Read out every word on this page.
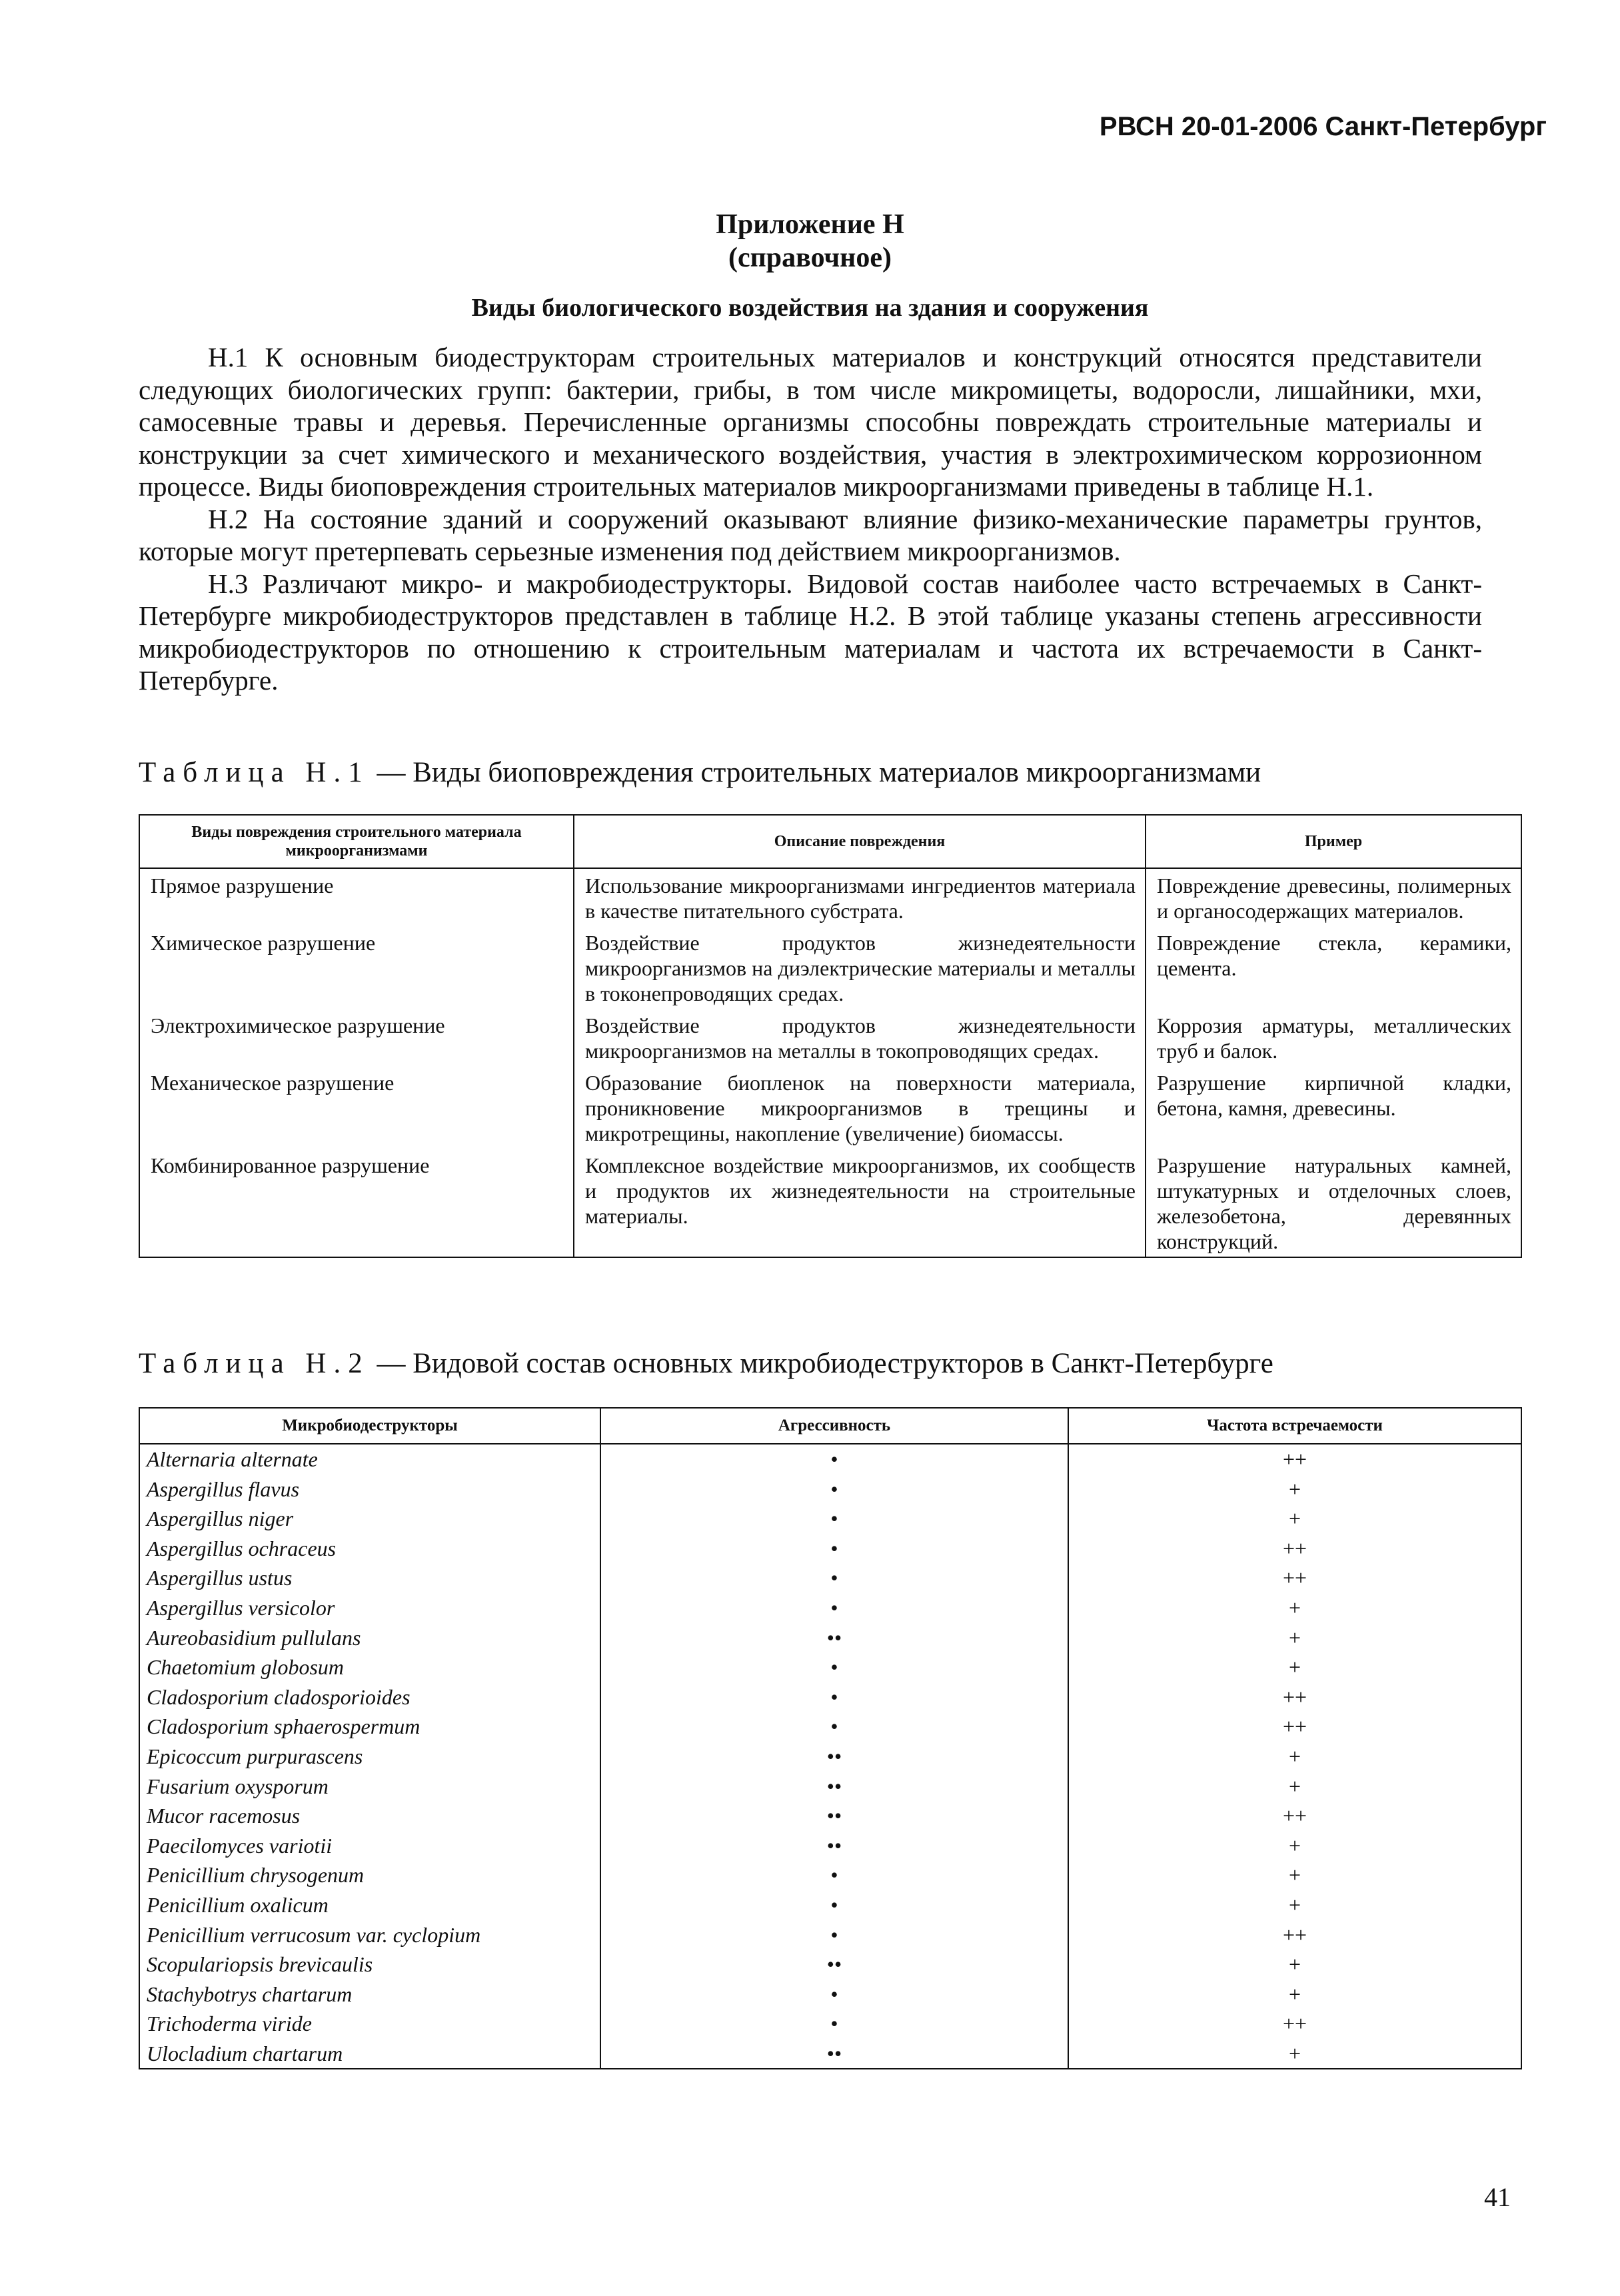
РВСН 20-01-2006 Санкт-Петербург
Приложение Н
(справочное)
Виды биологического воздействия на здания и сооружения

Н.1 К основным биодеструкторам строительных материалов и конструкций относятся представители следующих биологических групп: бактерии, грибы, в том числе микромицеты, водоросли, лишайники, мхи, самосевные травы и деревья. Перечисленные организмы способны повреждать строительные материалы и конструкции за счет химического и механического воздействия, участия в электрохимическом коррозионном процессе. Виды биоповреждения строительных материалов микроорганизмами приведены в таблице Н.1.

Н.2 На состояние зданий и сооружений оказывают влияние физико-механические параметры грунтов, которые могут претерпевать серьезные изменения под действием микроорганизмов.

Н.3 Различают микро- и макробиодеструкторы. Видовой состав наиболее часто встречаемых в Санкт-Петербурге микробиодеструкторов представлен в таблице Н.2. В этой таблице указаны степень агрессивности микробиодеструкторов по отношению к строительным материалам и частота их встречаемости в Санкт-Петербурге.

Таблица Н.1 — Виды биоповреждения строительных материалов микроорганизмами
Виды повреждения строительного материала микроорганизмами	Описание повреждения	Пример
Прямое разрушение	Использование микроорганизмами ингредиентов материала в качестве питательного субстрата.	Повреждение древесины, полимерных и органосодержащих материалов.
Химическое разрушение	Воздействие продуктов жизнедеятельности микроорганизмов на диэлектрические материалы и металлы в токонепроводящих средах.	Повреждение стекла, керамики, цемента.
Электрохимическое разрушение	Воздействие продуктов жизнедеятельности микроорганизмов на металлы в токопроводящих средах.	Коррозия арматуры, металлических труб и балок.
Механическое разрушение	Образование биопленок на поверхности материала, проникновение микроорганизмов в трещины и микротрещины, накопление (увеличение) биомассы.	Разрушение кирпичной кладки, бетона, камня, древесины.
Комбинированное разрушение	Комплексное воздействие микроорганизмов, их сообществ и продуктов их жизнедеятельности на строительные материалы.	Разрушение натуральных камней, штукатурных и отделочных слоев, железобетона, деревянных конструкций.
Таблица Н.2 — Видовой состав основных микробиодеструкторов в Санкт-Петербурге
Микробиодеструкторы	Агрессивность	Частота встречаемости
Alternaria alternate	•	++
Aspergillus flavus	•	+
Aspergillus niger	•	+
Aspergillus ochraceus	•	++
Aspergillus ustus	•	++
Aspergillus versicolor	•	+
Aureobasidium pullulans	••	+
Chaetomium globosum	•	+
Cladosporium cladosporioides	•	++
Cladosporium sphaerospermum	•	++
Epicoccum purpurascens	••	+
Fusarium oxysporum	••	+
Mucor racemosus	••	++
Paecilomyces variotii	••	+
Penicillium chrysogenum	•	+
Penicillium oxalicum	•	+
Penicillium verrucosum var. cyclopium	•	++
Scopulariopsis brevicaulis	••	+
Stachybotrys chartarum	•	+
Trichoderma viride	•	++
Ulocladium chartarum	••	+
41
